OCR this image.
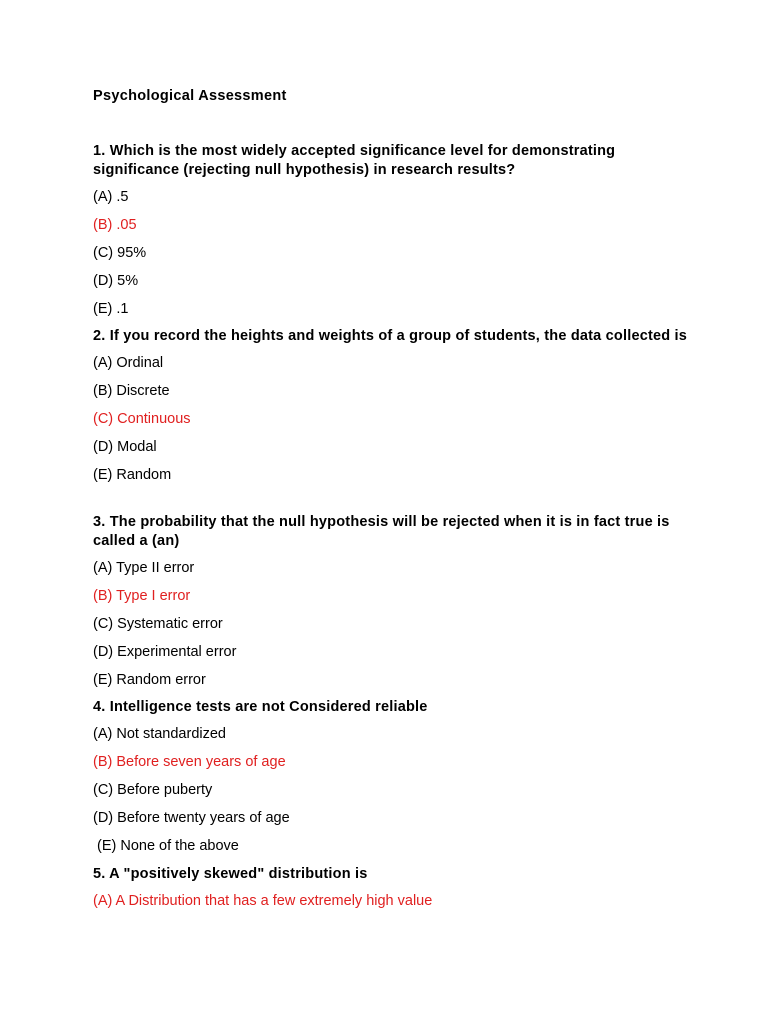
Psychological Assessment

1. Which is the most widely accepted significance level for demonstrating significance (rejecting null hypothesis) in research results?

(A) .5
(B) .05
(C) 95%
(D) 5%
(E) .1

2. If you record the heights and weights of a group of students, the data collected is

(A) Ordinal
(B) Discrete
(C) Continuous
(D) Modal
(E) Random

3. The probability that the null hypothesis will be rejected when it is in fact true is called a (an)

(A) Type II error
(B) Type I error
(C) Systematic error
(D) Experimental error
(E) Random error

4. Intelligence tests are not Considered reliable

(A) Not standardized
(B) Before seven years of age
(C) Before puberty
(D) Before twenty years of age
(E) None of the above

5. A "positively skewed" distribution is

(A) A Distribution that has a few extremely high value
